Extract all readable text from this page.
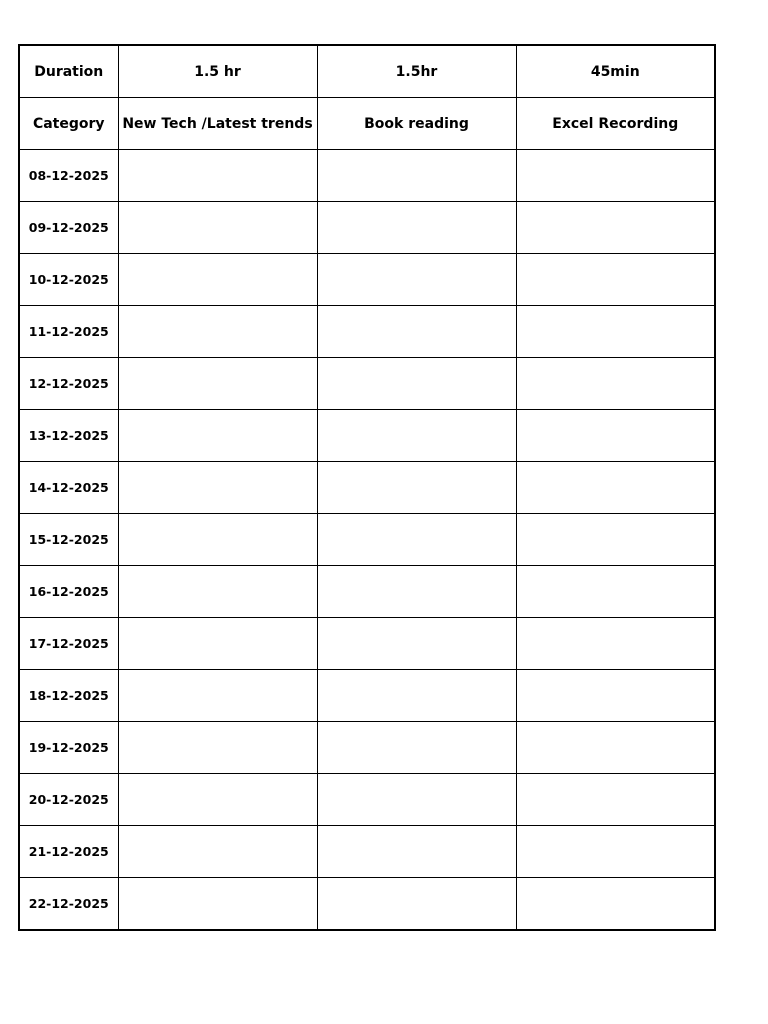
Duration	1.5 hr	1.5hr	45min
Category	New Tech /Latest trends	Book reading	Excel Recording
08-12-2025			
09-12-2025			
10-12-2025			
11-12-2025			
12-12-2025			
13-12-2025			
14-12-2025			
15-12-2025			
16-12-2025			
17-12-2025			
18-12-2025			
19-12-2025			
20-12-2025			
21-12-2025			
22-12-2025			
